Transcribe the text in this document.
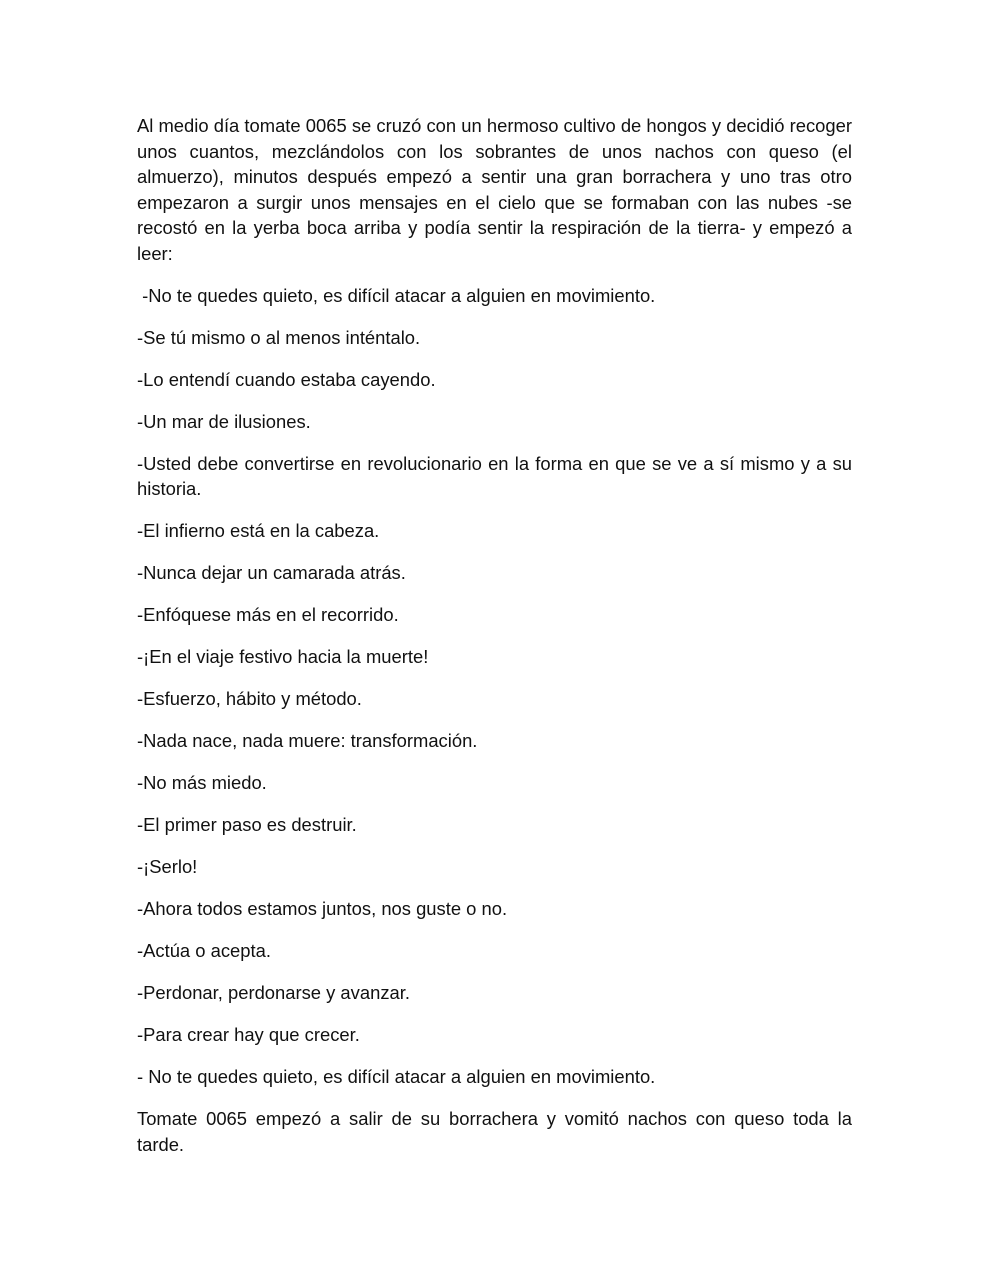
Al medio día tomate 0065 se cruzó con un hermoso cultivo de hongos y decidió recoger unos cuantos, mezclándolos con los sobrantes de unos nachos con queso (el almuerzo), minutos después empezó a sentir una gran borrachera y uno tras otro empezaron a surgir unos mensajes en el cielo que se formaban con las nubes -se recostó en la yerba boca arriba y podía sentir la respiración de la tierra- y empezó a leer:

-No te quedes quieto, es difícil atacar a alguien en movimiento.

-Se tú mismo o al menos inténtalo.

-Lo entendí cuando estaba cayendo.

-Un mar de ilusiones.

-Usted debe convertirse en revolucionario en la forma en que se ve a sí mismo y a su historia.

-El infierno está en la cabeza.

-Nunca dejar un camarada atrás.

-Enfóquese más en el recorrido.

-¡En el viaje festivo hacia la muerte!

-Esfuerzo, hábito y método.

-Nada nace, nada muere: transformación.

-No más miedo.

-El primer paso es destruir.

-¡Serlo!

-Ahora todos estamos juntos, nos guste o no.

-Actúa o acepta.

-Perdonar, perdonarse y avanzar.

-Para crear hay que crecer.

- No te quedes quieto, es difícil atacar a alguien en movimiento.

Tomate 0065 empezó a salir de su borrachera y vomitó nachos con queso toda la tarde.
